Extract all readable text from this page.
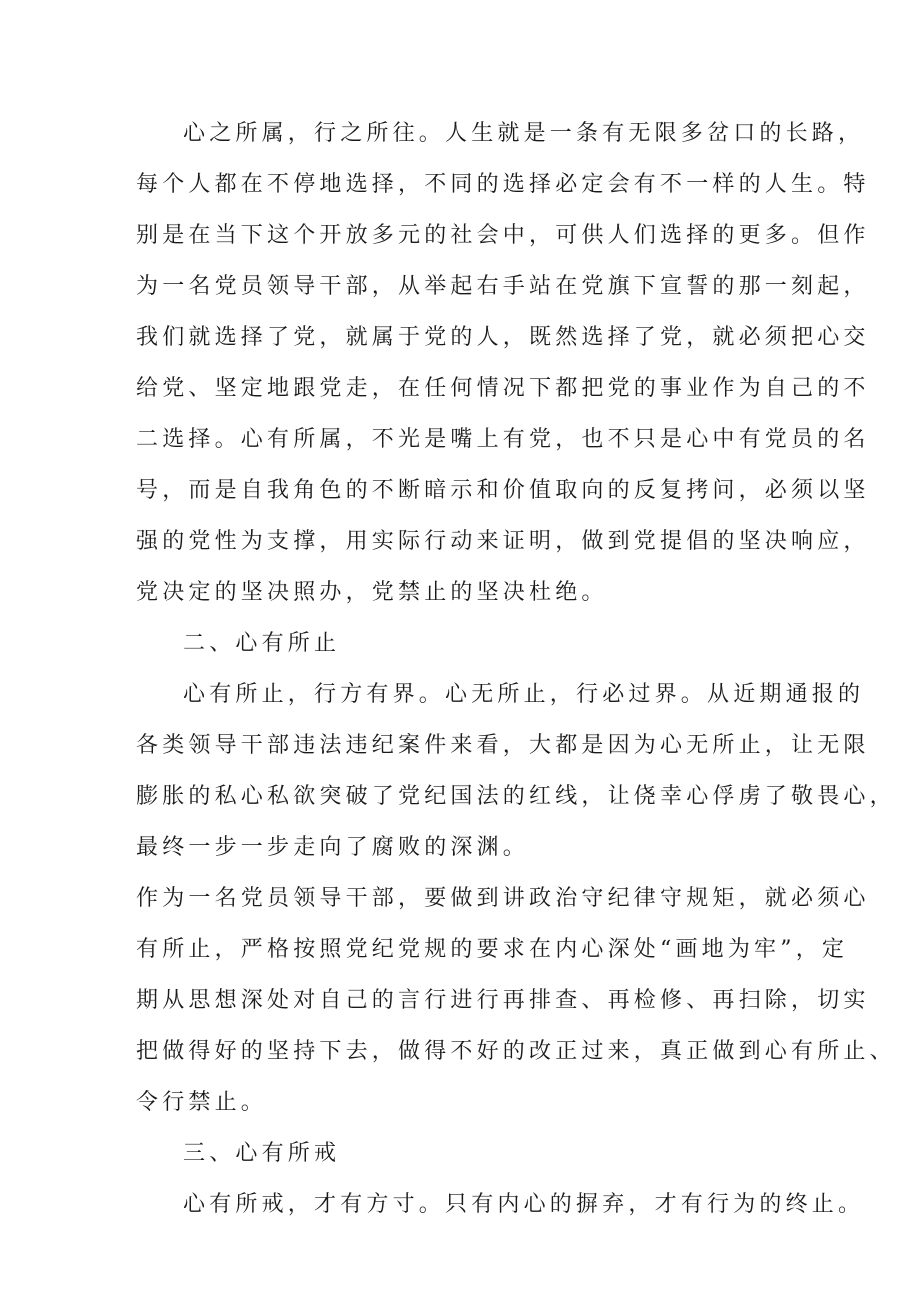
心之所属，行之所往。人生就是一条有无限多岔口的长路，

每个人都在不停地选择，不同的选择必定会有不一样的人生。特

别是在当下这个开放多元的社会中，可供人们选择的更多。但作

为一名党员领导干部，从举起右手站在党旗下宣誓的那一刻起，

我们就选择了党，就属于党的人，既然选择了党，就必须把心交

给党、坚定地跟党走，在任何情况下都把党的事业作为自己的不

二选择。心有所属，不光是嘴上有党，也不只是心中有党员的名

号，而是自我角色的不断暗示和价值取向的反复拷问，必须以坚

强的党性为支撑，用实际行动来证明，做到党提倡的坚决响应，

党决定的坚决照办，党禁止的坚决杜绝。

二、心有所止

心有所止，行方有界。心无所止，行必过界。从近期通报的

各类领导干部违法违纪案件来看，大都是因为心无所止，让无限

膨胀的私心私欲突破了党纪国法的红线，让侥幸心俘虏了敬畏心，

最终一步一步走向了腐败的深渊。

作为一名党员领导干部，要做到讲政治守纪律守规矩，就必须心

有所止，严格按照党纪党规的要求在内心深处“画地为牢”，定

期从思想深处对自己的言行进行再排查、再检修、再扫除，切实

把做得好的坚持下去，做得不好的改正过来，真正做到心有所止、

令行禁止。

三、心有所戒

心有所戒，才有方寸。只有内心的摒弃，才有行为的终止。
